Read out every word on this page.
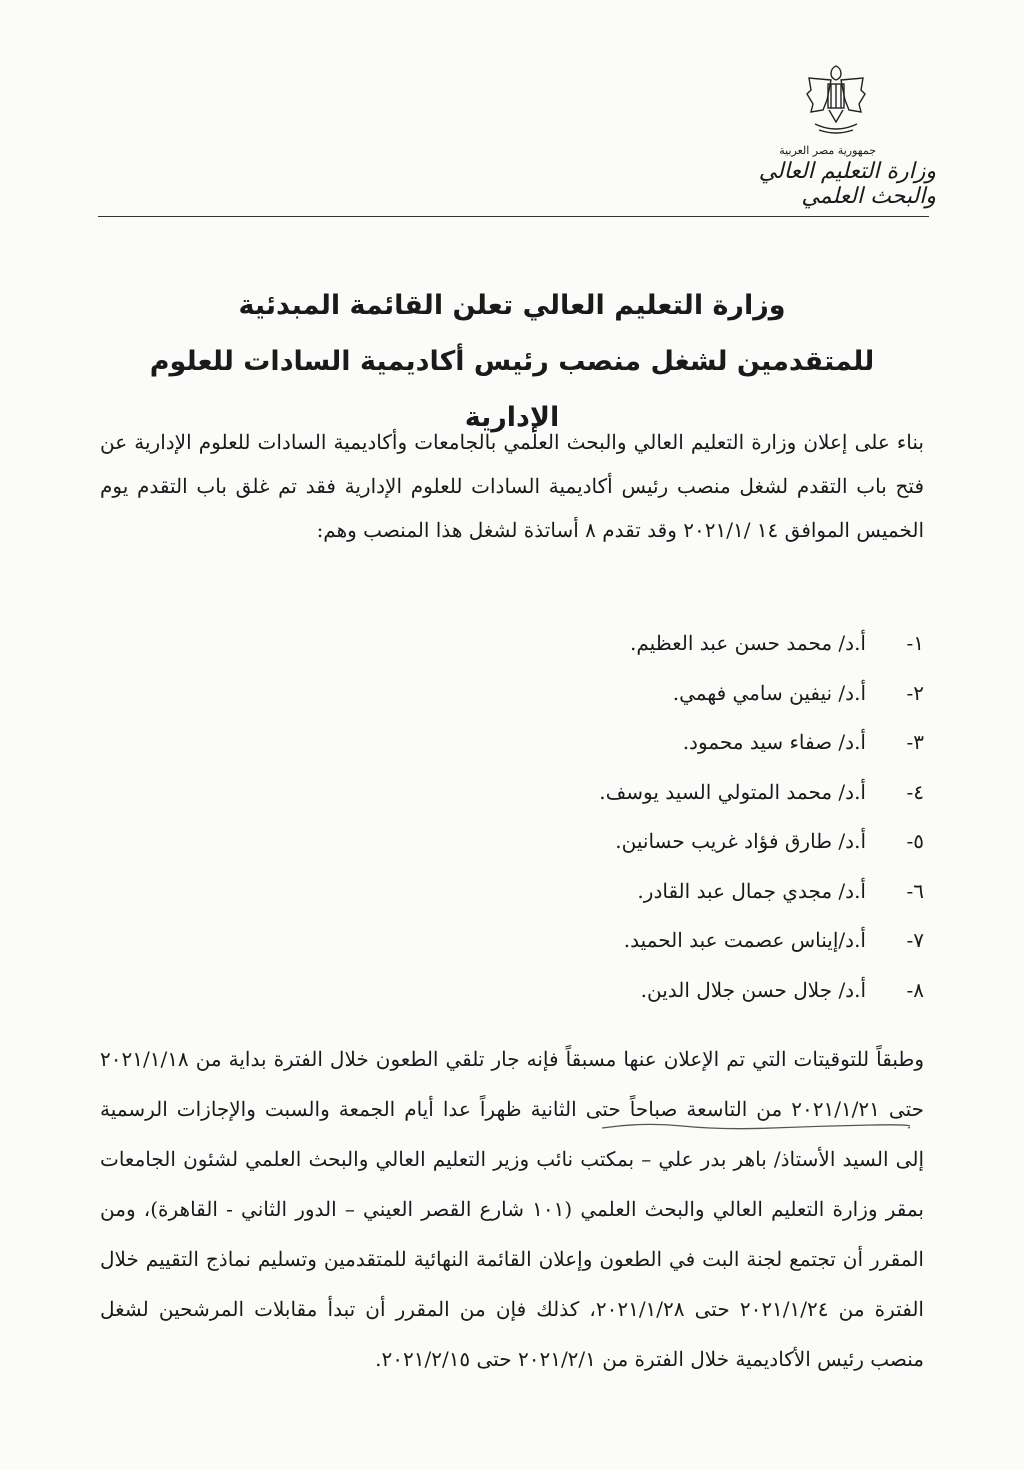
جمهورية مصر العربية
وزارة التعليم العالي والبحث العلمي

وزارة التعليم العالي تعلن القائمة المبدئية

للمتقدمين لشغل منصب رئيس أكاديمية السادات للعلوم الإدارية

بناء على إعلان وزارة التعليم العالي والبحث العلمي بالجامعات وأكاديمية السادات للعلوم الإدارية عن فتح باب التقدم لشغل منصب رئيس أكاديمية السادات للعلوم الإدارية فقد تم غلق باب التقدم يوم الخميس الموافق ١٤ /٢٠٢١/١ وقد تقدم ٨ أساتذة لشغل هذا المنصب وهم:

١-
أ.د/ محمد حسن عبد العظيم.
٢-
أ.د/ نيفين سامي فهمي.
٣-
أ.د/ صفاء سيد محمود.
٤-
أ.د/ محمد المتولي السيد يوسف.
٥-
أ.د/ طارق فؤاد غريب حسانين.
٦-
أ.د/ مجدي جمال عبد القادر.
٧-
أ.د/إيناس عصمت عبد الحميد.
٨-
أ.د/ جلال حسن جلال الدين.

وطبقاً للتوقيتات التي تم الإعلان عنها مسبقاً فإنه جار تلقي الطعون خلال الفترة بداية من ٢٠٢١/١/١٨ حتى ٢٠٢١/١/٢١ من التاسعة صباحاً حتى الثانية ظهراً عدا أيام الجمعة والسبت والإجازات الرسمية إلى السيد الأستاذ/ باهر بدر علي – بمكتب نائب وزير التعليم العالي والبحث العلمي لشئون الجامعات بمقر وزارة التعليم العالي والبحث العلمي (١٠١ شارع القصر العيني – الدور الثاني - القاهرة)، ومن المقرر أن تجتمع لجنة البت في الطعون وإعلان القائمة النهائية للمتقدمين وتسليم نماذج التقييم خلال الفترة من ٢٠٢١/١/٢٤ حتى ٢٠٢١/١/٢٨، كذلك فإن من المقرر أن تبدأ مقابلات المرشحين لشغل منصب رئيس الأكاديمية خلال الفترة من ٢٠٢١/٢/١ حتى ٢٠٢١/٢/١٥.
